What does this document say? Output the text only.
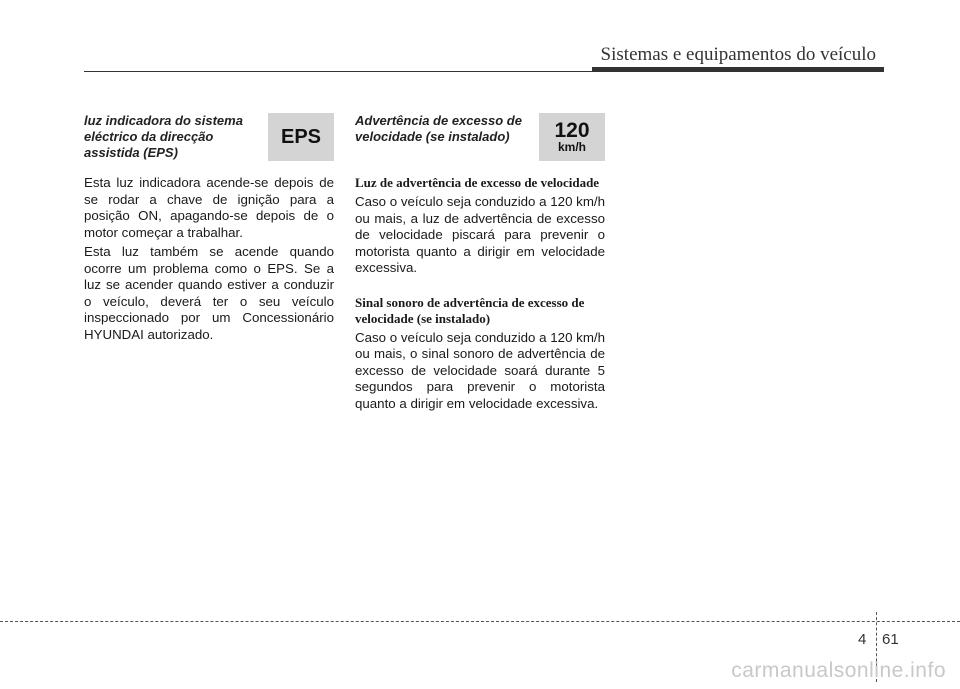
Sistemas e equipamentos do veículo

luz indicadora do sistema eléctrico da direcção assistida (EPS)

EPS

Esta luz indicadora acende-se depois de se rodar a chave de ignição para a posição ON, apagando-se depois de o motor começar a trabalhar.

Esta luz também se acende quando ocorre um problema como o EPS. Se a luz se acender quando estiver a conduzir o veículo, deverá ter o seu veículo inspeccionado por um Concessionário HYUNDAI autorizado.

Advertência de excesso de velocidade (se instalado)	120
km/h
Luz de advertência de excesso de velocidade

Caso o veículo seja conduzido a 120 km/h ou mais, a luz de advertência de excesso de velocidade piscará para prevenir o motorista quanto a dirigir em velocidade excessiva.

Sinal sonoro de advertência de excesso de velocidade (se instalado)

Caso o veículo seja conduzido a 120 km/h ou mais, o sinal sonoro de advertência de excesso de velocidade soará durante 5 segundos para prevenir o motorista quanto a dirigir em velocidade excessiva.

4 61
carmanualsonline.info
